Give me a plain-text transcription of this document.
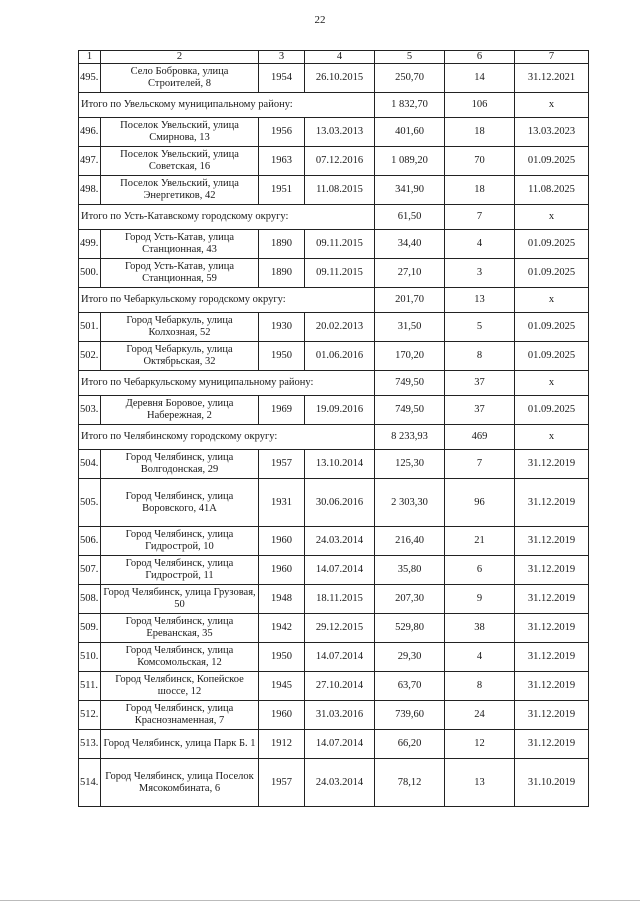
22
1	2	3	4	5	6	7
495.	Село Бобровка, улица Строителей, 8	1954	26.10.2015	250,70	14	31.12.2021
Итого по Увельскому муниципальному району:				1 832,70	106	х
496.	Поселок Увельский, улица Смирнова, 13	1956	13.03.2013	401,60	18	13.03.2023
497.	Поселок Увельский, улица Советская, 16	1963	07.12.2016	1 089,20	70	01.09.2025
498.	Поселок Увельский, улица Энергетиков, 42	1951	11.08.2015	341,90	18	11.08.2025
Итого по Усть-Катавскому городскому округу:				61,50	7	х
499.	Город Усть-Катав, улица Станционная, 43	1890	09.11.2015	34,40	4	01.09.2025
500.	Город Усть-Катав, улица Станционная, 59	1890	09.11.2015	27,10	3	01.09.2025
Итого по Чебаркульскому городскому округу:				201,70	13	х
501.	Город Чебаркуль, улица Колхозная, 52	1930	20.02.2013	31,50	5	01.09.2025
502.	Город Чебаркуль, улица Октябрьская, 32	1950	01.06.2016	170,20	8	01.09.2025
Итого по Чебаркульскому муниципальному району:				749,50	37	х
503.	Деревня Боровое, улица Набережная, 2	1969	19.09.2016	749,50	37	01.09.2025
Итого по Челябинскому городскому округу:				8 233,93	469	х
504.	Город Челябинск, улица Волгодонская, 29	1957	13.10.2014	125,30	7	31.12.2019
505.	Город Челябинск, улица Воровского, 41А	1931	30.06.2016	2 303,30	96	31.12.2019
506.	Город Челябинск, улица Гидрострой, 10	1960	24.03.2014	216,40	21	31.12.2019
507.	Город Челябинск, улица Гидрострой, 11	1960	14.07.2014	35,80	6	31.12.2019
508.	Город Челябинск, улица Грузовая, 50	1948	18.11.2015	207,30	9	31.12.2019
509.	Город Челябинск, улица Ереванская, 35	1942	29.12.2015	529,80	38	31.12.2019
510.	Город Челябинск, улица Комсомольская, 12	1950	14.07.2014	29,30	4	31.12.2019
511.	Город Челябинск, Копейское шоссе, 12	1945	27.10.2014	63,70	8	31.12.2019
512.	Город Челябинск, улица Краснознаменная, 7	1960	31.03.2016	739,60	24	31.12.2019
513.	Город Челябинск, улица Парк Б. 1	1912	14.07.2014	66,20	12	31.12.2019
514.	Город Челябинск, улица Поселок Мясокомбината, 6	1957	24.03.2014	78,12	13	31.10.2019
